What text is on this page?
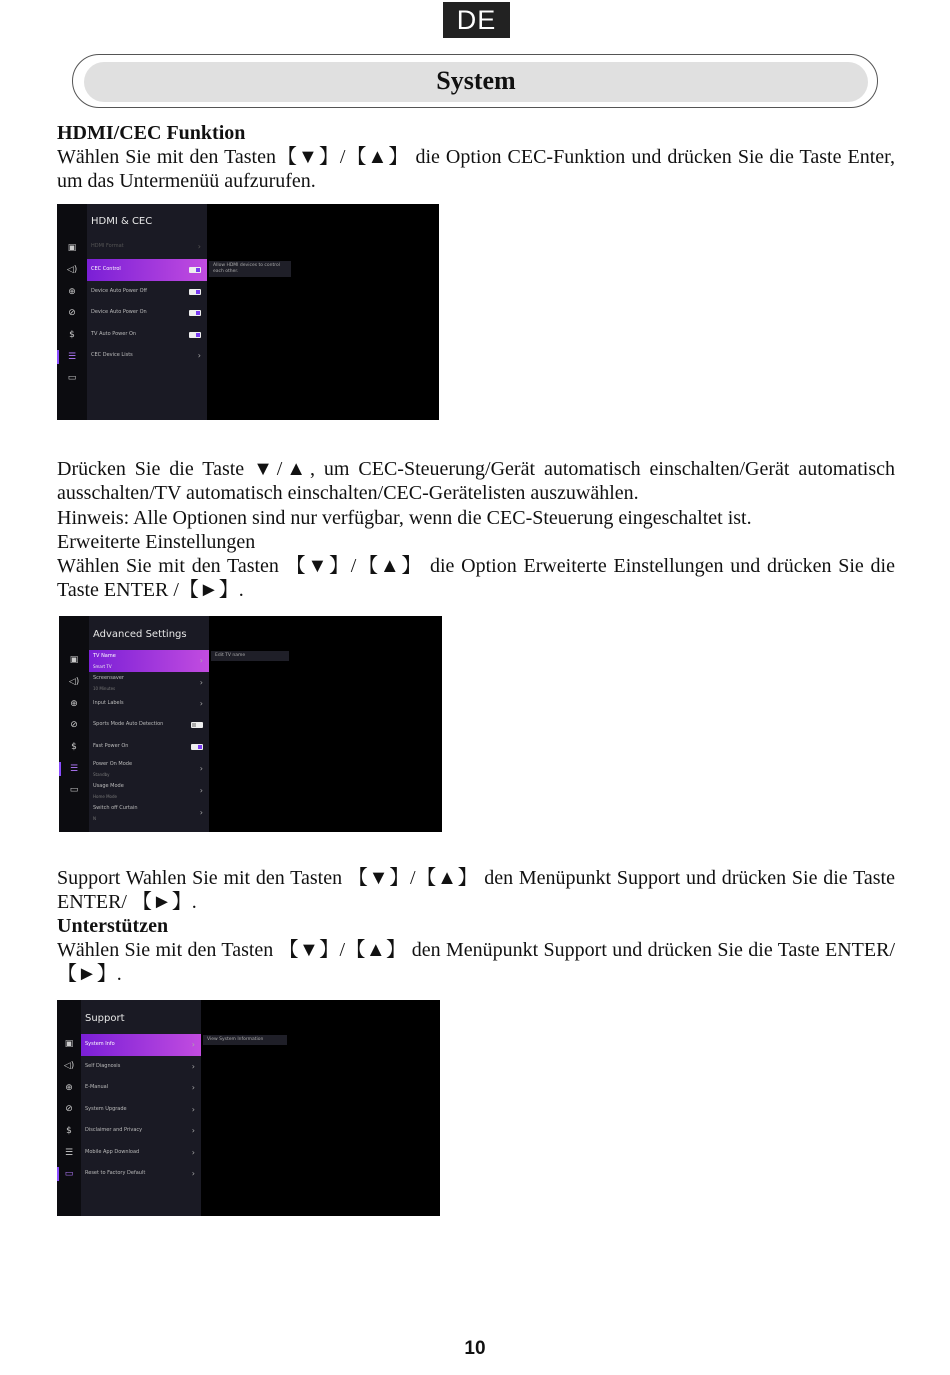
DE
System

HDMI/CEC Funktion

Wählen Sie mit den Tasten【▼】/【▲】 die Option CEC-Funktion und drücken Sie die Taste Enter, um das Untermenüü aufzurufen.

HDMI & CEC
▣
◁)
⊕
⊘
$
☰
▭
HDMI Format	›
CEC Control
Device Auto Power Off
Device Auto Power On
TV Auto Power On
CEC Device Lists	›
Allow HDMI devices to control each other.

Drücken Sie die Taste ▼/▲, um CEC-Steuerung/Gerät automatisch einschalten/Gerät automatisch ausschalten/TV automatisch einschalten/CEC-Gerätelisten auszuwählen.

Hinweis: Alle Optionen sind nur verfügbar, wenn die CEC-Steuerung eingeschaltet ist.

Erweiterte Einstellungen

Wählen Sie mit den Tasten 【▼】/【▲】 die Option Erweiterte Einstellungen und drücken Sie die Taste ENTER /【►】.

Advanced Settings
▣
◁)
⊕
⊘
$
☰
▭
TV Name
Smart TV
›
Screensaver
10 Minutes
›
Input Labels	›
Sports Mode Auto Detection
Fast Power On
Power On Mode
Standby
›
Usage Mode
Home Mode
›
Switch off Curtain
N
›
Edit TV name

Support Wahlen Sie mit den Tasten 【▼】/【▲】 den Menüpunkt Support und drücken Sie die Taste ENTER/ 【►】.

Unterstützen

Wählen Sie mit den Tasten 【▼】/【▲】 den Menüpunkt Support und drücken Sie die Taste ENTER/ 【►】.

Support
▣
◁)
⊕
⊘
$
☰
▭
System Info	›
Self Diagnosis	›
E-Manual	›
System Upgrade	›
Disclaimer and Privacy	›
Mobile App Download	›
Reset to Factory Default	›
View System Information
10
